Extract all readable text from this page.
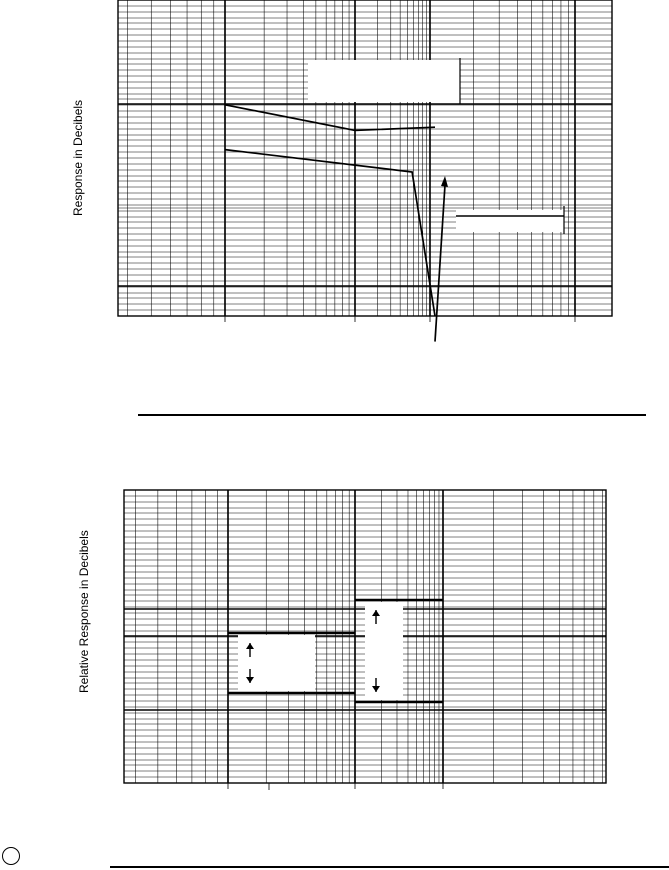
Response in Decibels
Relative Response in Decibels
